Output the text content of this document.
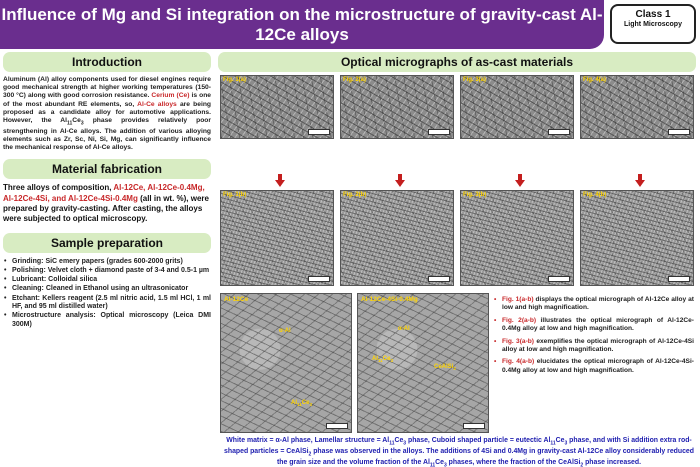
Influence of Mg and Si integration on the microstructure of gravity-cast Al-12Ce alloys
Class 1
Light Microscopy
Introduction

Aluminum (Al) alloy components used for diesel engines require good mechanical strength at higher working temperatures (150-300 °C) along with good corrosion resistance. Cerium (Ce) is one of the most abundant RE elements, so, Al-Ce alloys are being proposed as a candidate alloy for automotive applications. However, the $Al_{11}Ce_3$ phase provides relatively poor strengthening in Al-Ce alloys. The addition of various alloying elements such as Zr, Sc, Ni, Si, Mg, can significantly influence the mechanical response of Al-Ce alloys.

Material fabrication

Three alloys of composition, Al-12Ce, Al-12Ce-0.4Mg, Al-12Ce-4Si, and Al-12Ce-4Si-0.4Mg (all in wt. %), were prepared by gravity-casting. After casting, the alloys were subjected to optical microscopy.

Sample preparation
• Grinding: SiC emery papers (grades 600-2000 grits)
• Polishing: Velvet cloth + diamond paste of 3-4 and 0.5-1 µm
• Lubricant: Colloidal silica
• Cleaning: Cleaned in Ethanol using an ultrasonicator
• Etchant: Kellers reagent (2.5 ml nitric acid, 1.5 ml HCl, 1 ml HF, and 95 ml distilled water)
• Microstructure analysis: Optical microscopy (Leica DMI 300M)
Optical micrographs of as-cast materials
Fig. 1(a)	Fig. 2(a)	Fig. 3(a)	Fig. 4(a)
Fig. 1(b)	Fig. 2(b)	Fig. 3(b)	Fig. 4(b)
Al-12Ce
α-Al
$Al_{11}Ce_3$
Al-12Ce-4Si-0.4Mg
α-Al
$Al_{11}Ce_3$
CeAlSi$_2$
• Fig. 1(a-b) displays the optical micrograph of Al-12Ce alloy at low and high magnification.
• Fig. 2(a-b) illustrates the optical micrograph of Al-12Ce-0.4Mg alloy at low and high magnification.
• Fig. 3(a-b) exemplifies the optical micrograph of Al-12Ce-4Si alloy at low and high magnification.
• Fig. 4(a-b) elucidates the optical micrograph of Al-12Ce-4Si-0.4Mg alloy at low and high magnification.
White matrix = α-Al phase, Lamellar structure = $Al_{11}Ce_3$ phase, Cuboid shaped particle = eutectic $Al_{11}Ce_3$ phase, and with Si addition extra rod-shaped particles = CeAlSi$_2$ phase was observed in the alloys. The additions of 4Si and 0.4Mg in gravity-cast Al-12Ce alloy considerably reduced the grain size and the volume fraction of the $Al_{11}Ce_3$ phases, where the fraction of the CeAlSi$_2$ phase increased.
